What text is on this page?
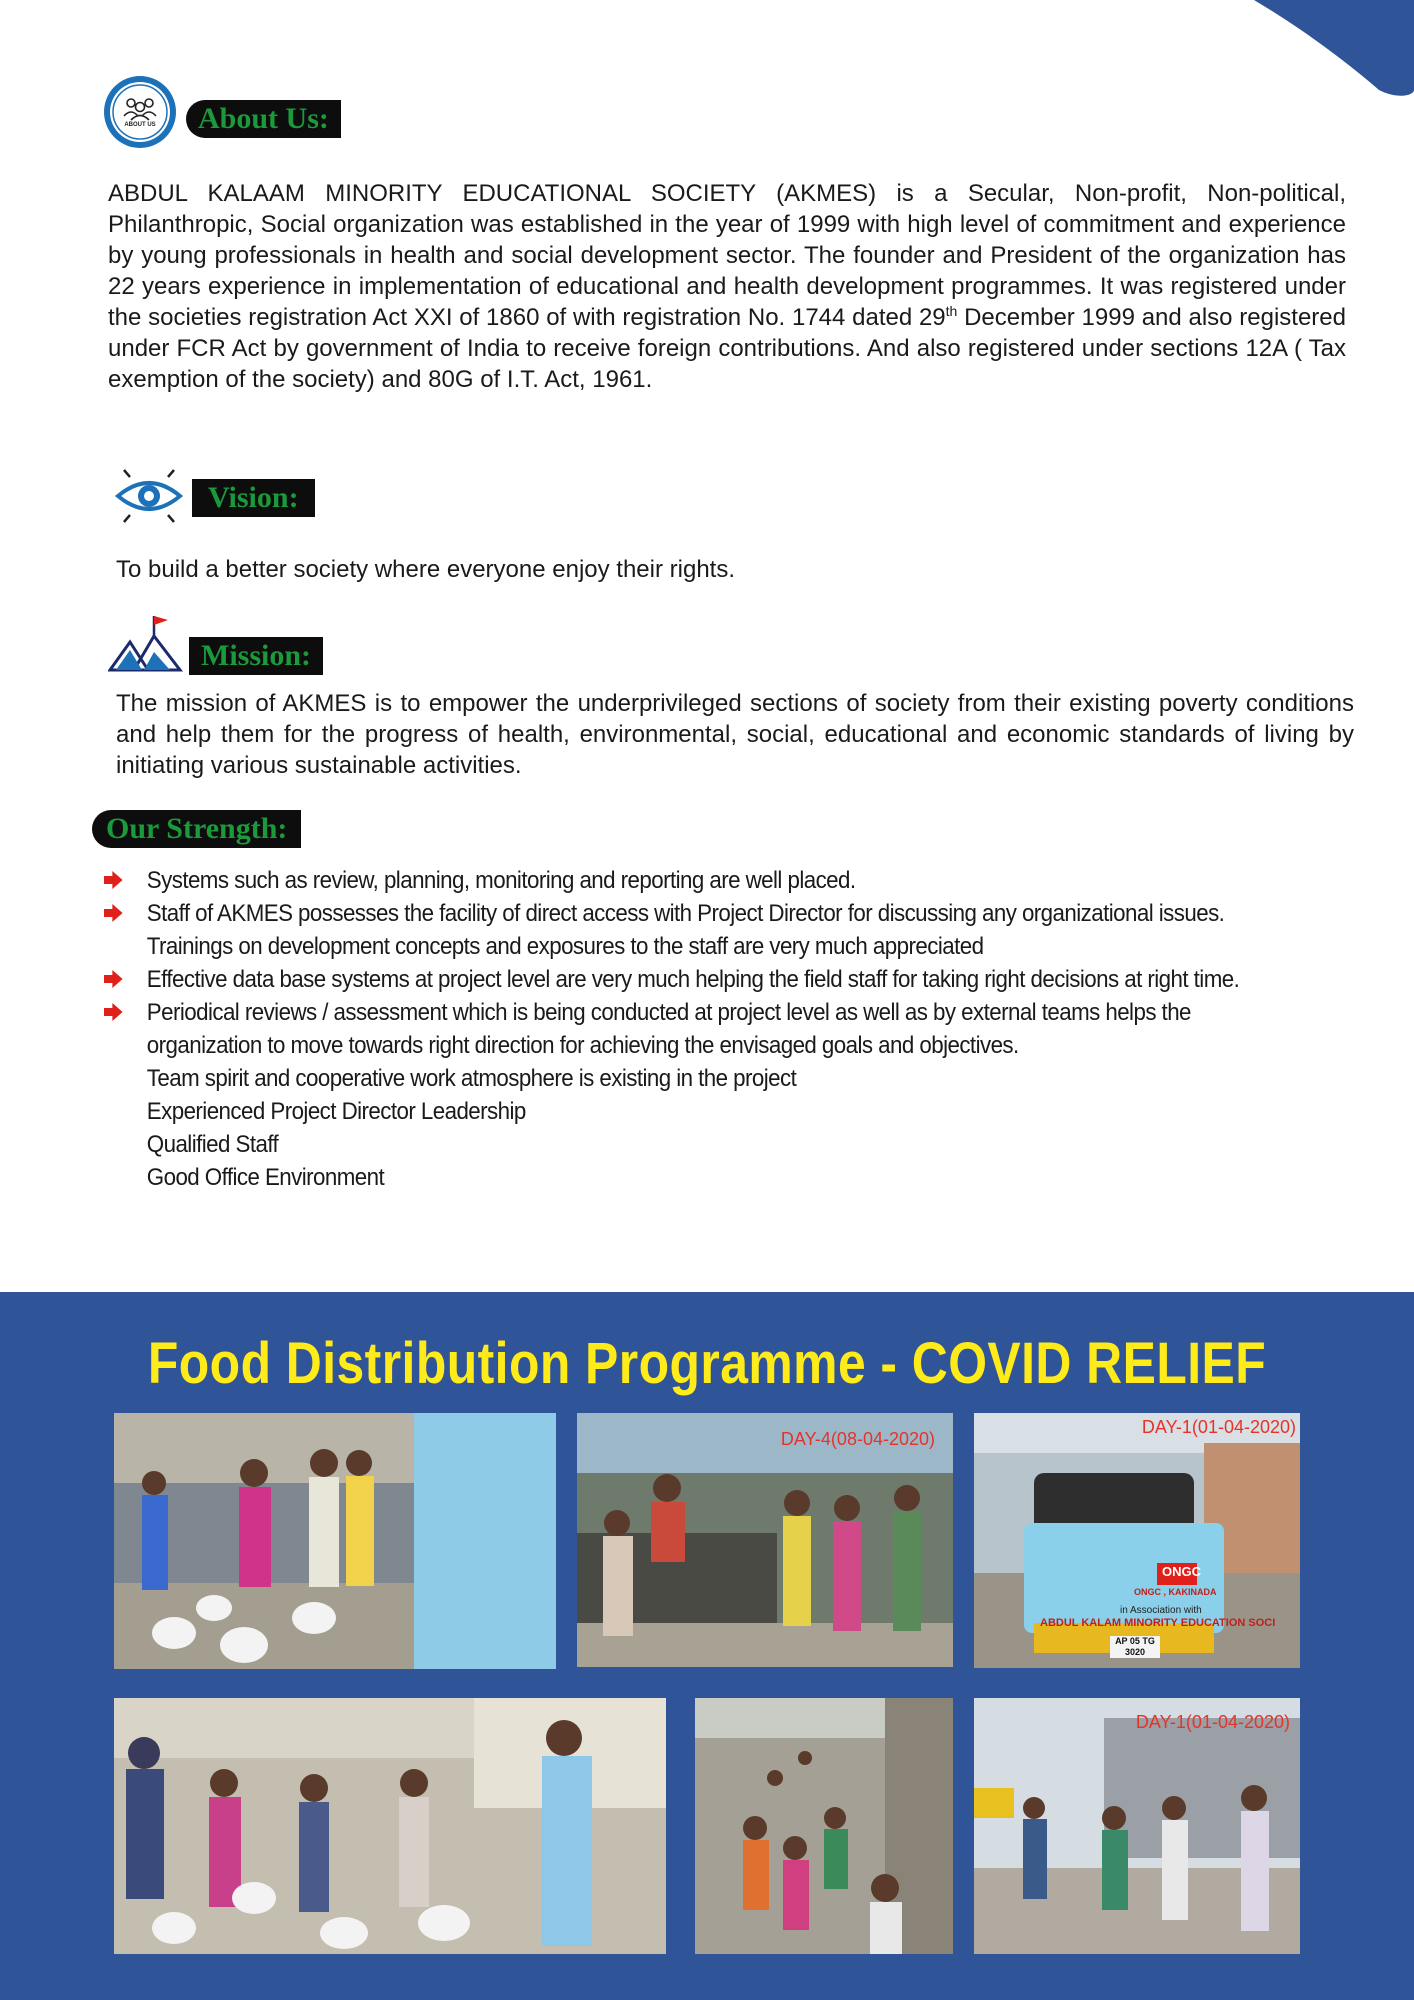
ABOUT US	About Us:

ABDUL KALAAM MINORITY EDUCATIONAL SOCIETY (AKMES) is a Secular, Non-profit, Non-political, Philanthropic, Social organization was established in the year of 1999 with high level of commitment and experience by young professionals in health and social development sector. The founder and President of the organization has 22 years experience in implementation of educational and health development programmes. It was registered under the societies registration Act XXI of 1860 of with registration No. 1744 dated 29th December 1999 and also registered under FCR Act by government of India to receive foreign contributions. And also registered under sections 12A ( Tax exemption of the society) and 80G of I.T. Act, 1961.

Vision:

To build a better society where everyone enjoy their rights.

Mission:

The mission of AKMES is to empower the underprivileged sections of society from their existing poverty conditions and help them for the progress of health, environmental, social, educational and economic standards of living by initiating various sustainable activities.

Our Strength:
Systems such as review, planning, monitoring and reporting are well placed.
Staff of AKMES possesses the facility of direct access with Project Director for discussing any organizational issues.
Trainings on development concepts and exposures to the staff are very much appreciated
Effective data base systems at project level are very much helping the field staff for taking right decisions at right time.
Periodical reviews / assessment which is being conducted at project level as well as by external teams helps the organization to move towards right direction for achieving the envisaged goals and objectives.
Team spirit and cooperative work atmosphere is existing in the project
Experienced Project Director Leadership
Qualified Staff
Good Office Environment
Food Distribution Programme - COVID RELIEF
DAY-4(08-04-2020)
DAY-1(01-04-2020)
ONGC
ONGC , KAKINADA
in Association with
ABDUL KALAM MINORITY EDUCATION SOCI
AP 05 TG 3020
DAY-1(01-04-2020)
